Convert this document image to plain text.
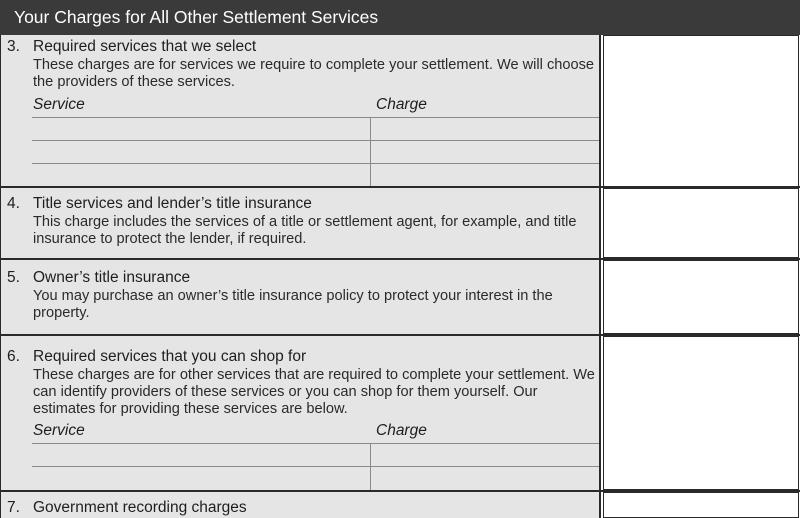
Your Charges for All Other Settlement Services
3. Required services that we select
These charges are for services we require to complete your settlement. We will choose the providers of these services.
Service	Charge
4. Title services and lender’s title insurance
This charge includes the services of a title or settlement agent, for example, and title insurance to protect the lender, if required.
5. Owner’s title insurance
You may purchase an owner’s title insurance policy to protect your interest in the property.
6. Required services that you can shop for
These charges are for other services that are required to complete your settlement. We can identify providers of these services or you can shop for them yourself. Our estimates for providing these services are below.
Service	Charge
7. Government recording charges
